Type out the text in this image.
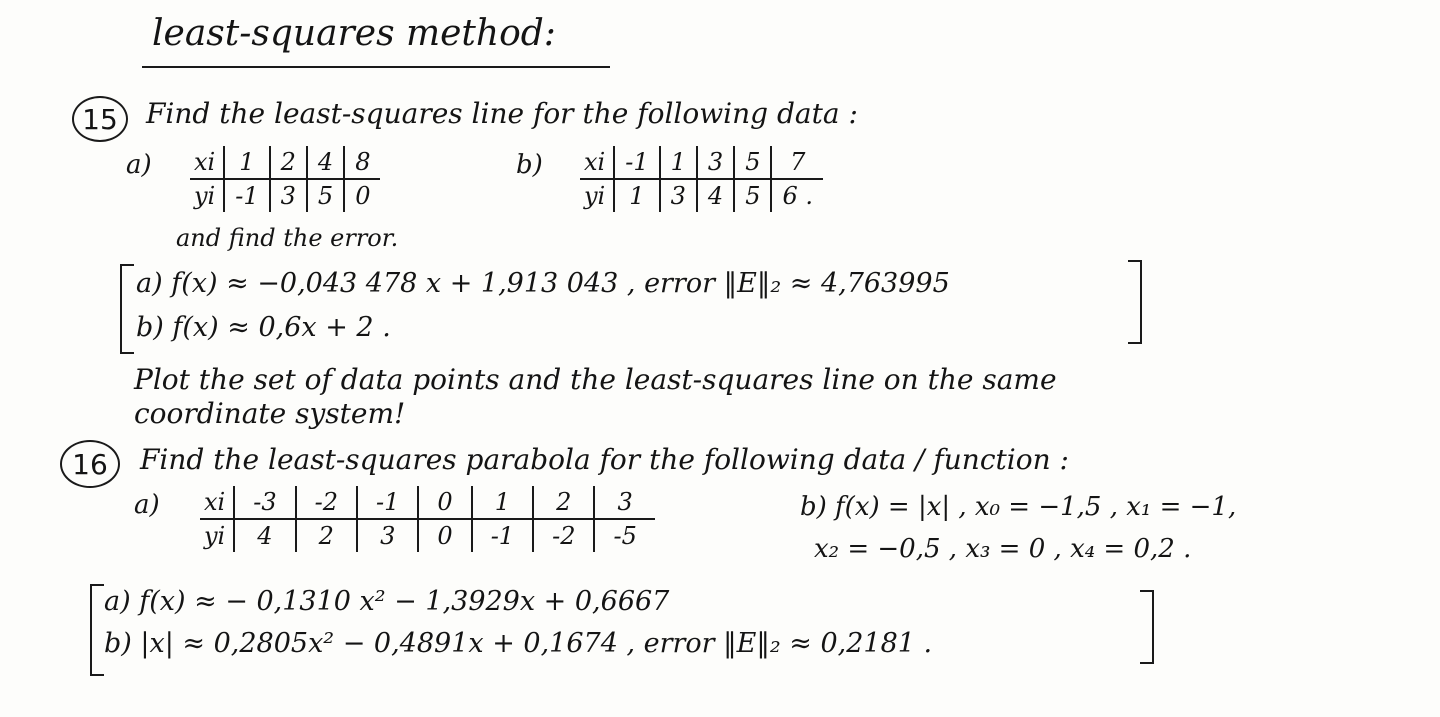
least-squares method:
15	Find the least-squares line for the following data :
a) xi	1	2	4	8
yi	-1	3	5	0
b) xi	-1	1	3	5	7
yi	1	3	4	5	6 .
and find the error.
a) f(x) ≈ −0,043 478 x + 1,913 043 , error ‖E‖₂ ≈ 4,763995
b) f(x) ≈ 0,6x + 2 .
Plot the set of data points and the least-squares line on the same
coordinate system!
16	Find the least-squares parabola for the following data / function :
a) xi	-3	-2	-1	0	1	2	3
yi	4	2	3	0	-1	-2	-5
b) f(x) = |x| , x₀ = −1,5 , x₁ = −1,
x₂ = −0,5 , x₃ = 0 , x₄ = 0,2 .
a) f(x) ≈ − 0,1310 x² − 1,3929x + 0,6667
b) |x| ≈ 0,2805x² − 0,4891x + 0,1674 , error ‖E‖₂ ≈ 0,2181 .
